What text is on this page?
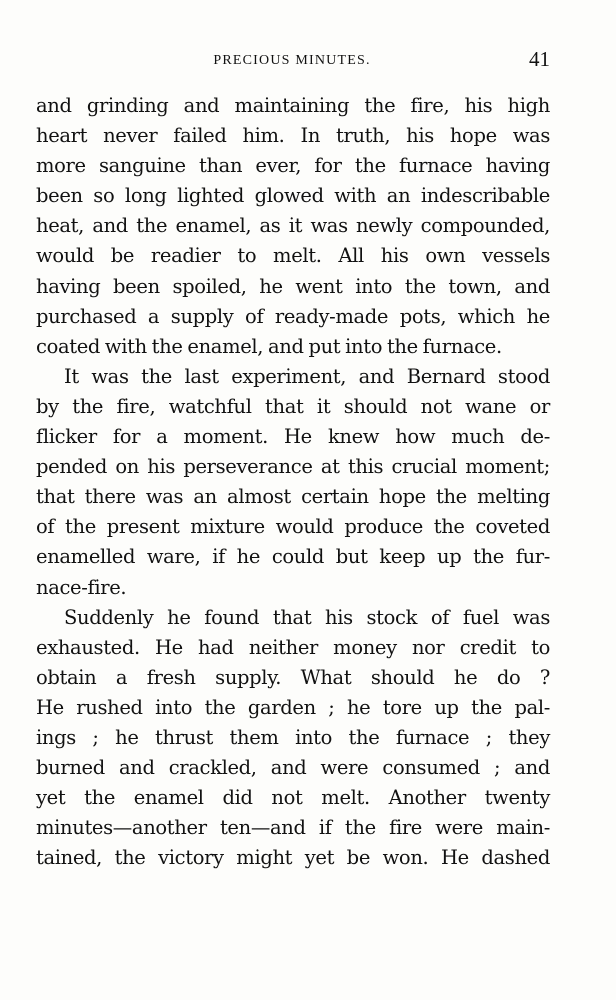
PRECIOUS MINUTES.	41
and grinding and maintaining the fire, his high
heart never failed him. In truth, his hope was
more sanguine than ever, for the furnace having
been so long lighted glowed with an indescribable
heat, and the enamel, as it was newly compounded,
would be readier to melt. All his own vessels
having been spoiled, he went into the town, and
purchased a supply of ready-made pots, which he
coated with the enamel, and put into the furnace.
It was the last experiment, and Bernard stood
by the fire, watchful that it should not wane or
flicker for a moment. He knew how much de-
pended on his perseverance at this crucial moment;
that there was an almost certain hope the melting
of the present mixture would produce the coveted
enamelled ware, if he could but keep up the fur-
nace-fire.
Suddenly he found that his stock of fuel was
exhausted. He had neither money nor credit to
obtain a fresh supply. What should he do ?
He rushed into the garden ; he tore up the pal-
ings ; he thrust them into the furnace ; they
burned and crackled, and were consumed ; and
yet the enamel did not melt. Another twenty
minutes—another ten—and if the fire were main-
tained, the victory might yet be won. He dashed
